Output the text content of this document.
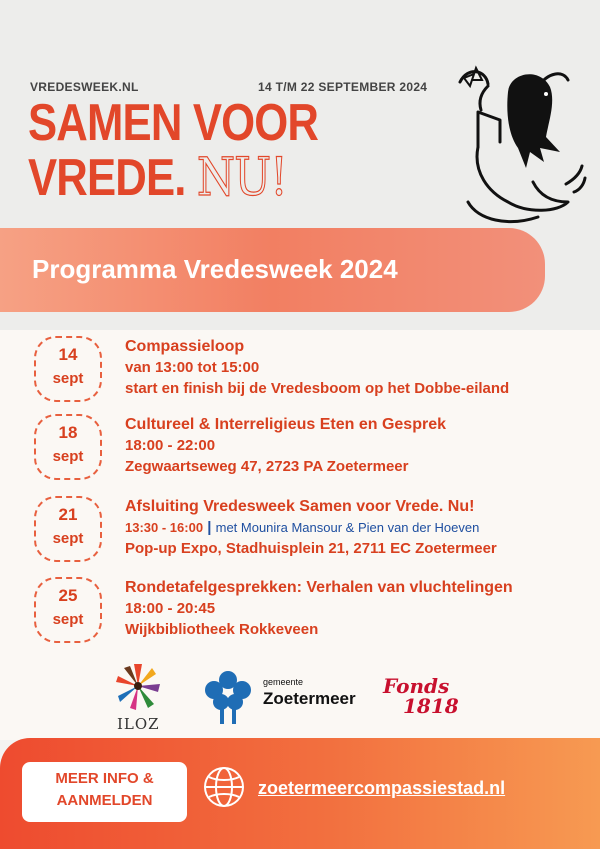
VREDESWEEK.NL	14 T/M 22 SEPTEMBER 2024
SAMEN VOOR
VREDE. NU!
Programma Vredesweek 2024
14
sept
Compassieloop
van 13:00 tot 15:00
start en finish bij de Vredesboom op het Dobbe-eiland
18
sept
Cultureel & Interreligieus Eten en Gesprek
18:00 - 22:00
Zegwaartseweg 47, 2723 PA Zoetermeer
21
sept
Afsluiting Vredesweek Samen voor Vrede. Nu!
13:30 - 16:00 | met Mounira Mansour & Pien van der Hoeven
Pop-up Expo, Stadhuisplein 21, 2711 EC Zoetermeer
25
sept
Rondetafelgesprekken: Verhalen van vluchtelingen
18:00 - 20:45
Wijkbibliotheek Rokkeveen
ILOZ
gemeente
Zoetermeer
Fonds
1818
MEER INFO &
AANMELDEN
zoetermeercompassiestad.nl
